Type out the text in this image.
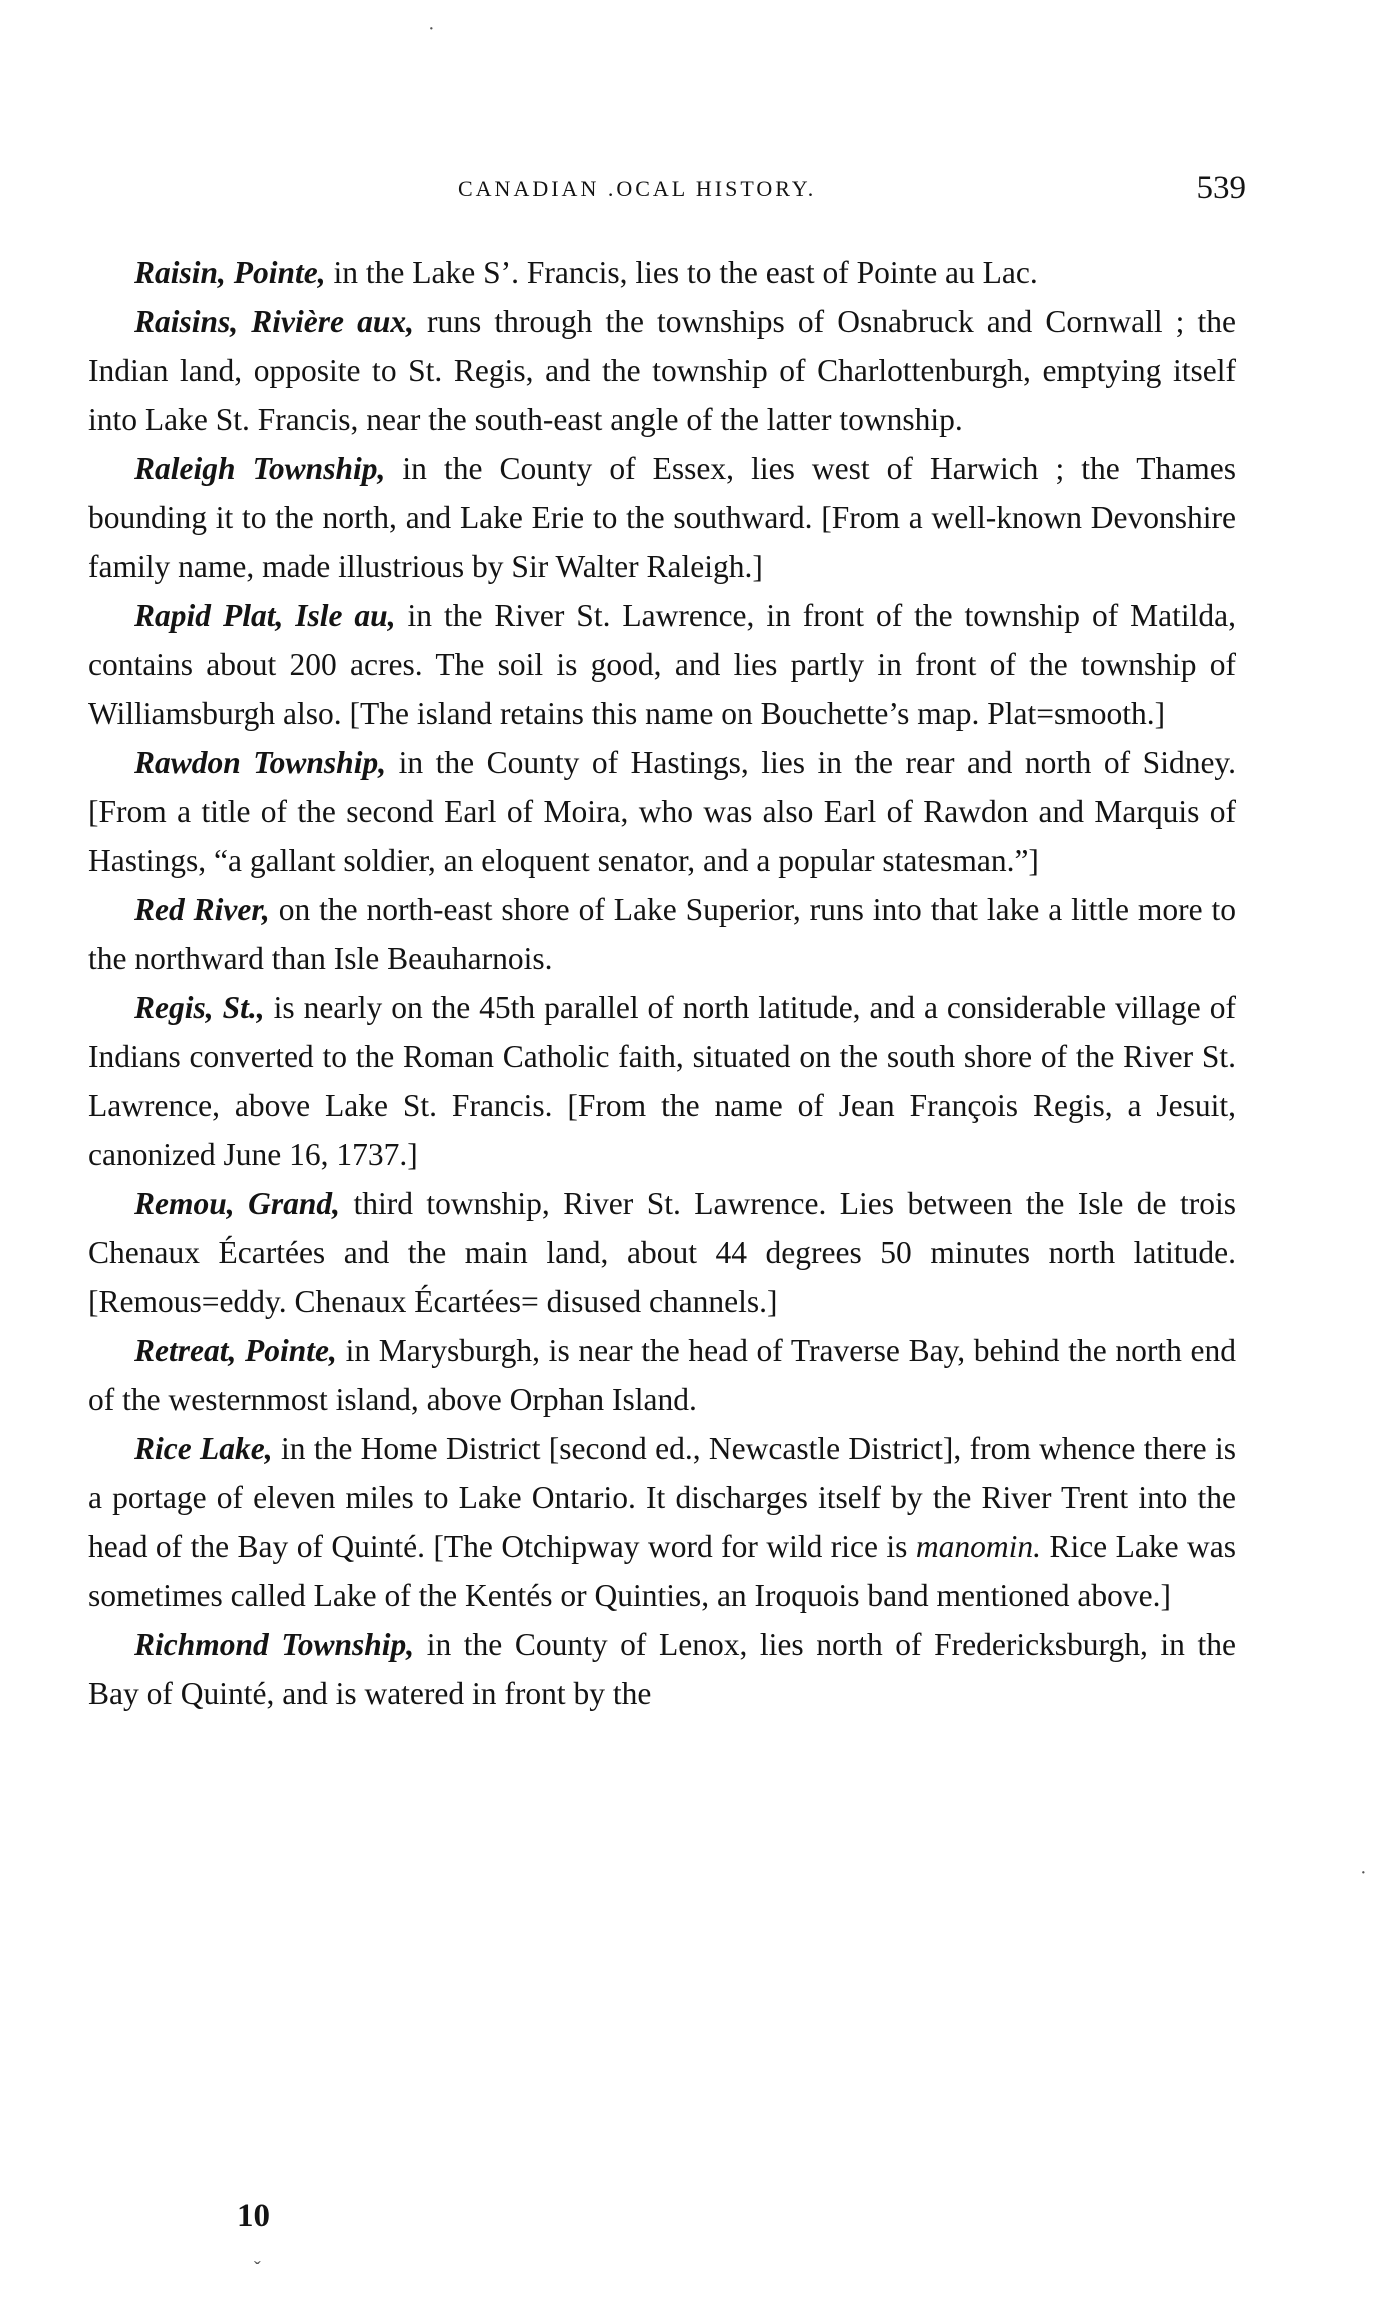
·
CANADIAN .OCAL HISTORY.	539

Raisin, Pointe, in the Lake S’. Francis, lies to the east of Pointe au Lac.

Raisins, Rivière aux, runs through the townships of Osnabruck and Cornwall ; the Indian land, opposite to St. Regis, and the township of Charlottenburgh, emptying itself into Lake St. Francis, near the south-east angle of the latter township.

Raleigh Township, in the County of Essex, lies west of Harwich ; the Thames bounding it to the north, and Lake Erie to the southward. [From a well-known Devonshire family name, made illustrious by Sir Walter Raleigh.]

Rapid Plat, Isle au, in the River St. Lawrence, in front of the township of Matilda, contains about 200 acres. The soil is good, and lies partly in front of the township of Williamsburgh also. [The island retains this name on Bouchette’s map. Plat=smooth.]

Rawdon Township, in the County of Hastings, lies in the rear and north of Sidney. [From a title of the second Earl of Moira, who was also Earl of Rawdon and Marquis of Hastings, “a gallant soldier, an eloquent senator, and a popular statesman.”]

Red River, on the north-east shore of Lake Superior, runs into that lake a little more to the northward than Isle Beauharnois.

Regis, St., is nearly on the 45th parallel of north latitude, and a considerable village of Indians converted to the Roman Catholic faith, situated on the south shore of the River St. Lawrence, above Lake St. Francis. [From the name of Jean François Regis, a Jesuit, canonized June 16, 1737.]

Remou, Grand, third township, River St. Lawrence. Lies between the Isle de trois Chenaux Écartées and the main land, about 44 degrees 50 minutes north latitude. [Remous=eddy. Chenaux Écartées= disused channels.]

Retreat, Pointe, in Marysburgh, is near the head of Traverse Bay, behind the north end of the westernmost island, above Orphan Island.

Rice Lake, in the Home District [second ed., Newcastle District], from whence there is a portage of eleven miles to Lake Ontario. It discharges itself by the River Trent into the head of the Bay of Quinté. [The Otchipway word for wild rice is manomin. Rice Lake was sometimes called Lake of the Kentés or Quinties, an Iroquois band mentioned above.]

Richmond Township, in the County of Lenox, lies north of Fredericksburgh, in the Bay of Quinté, and is watered in front by the

10
ˇ
·
